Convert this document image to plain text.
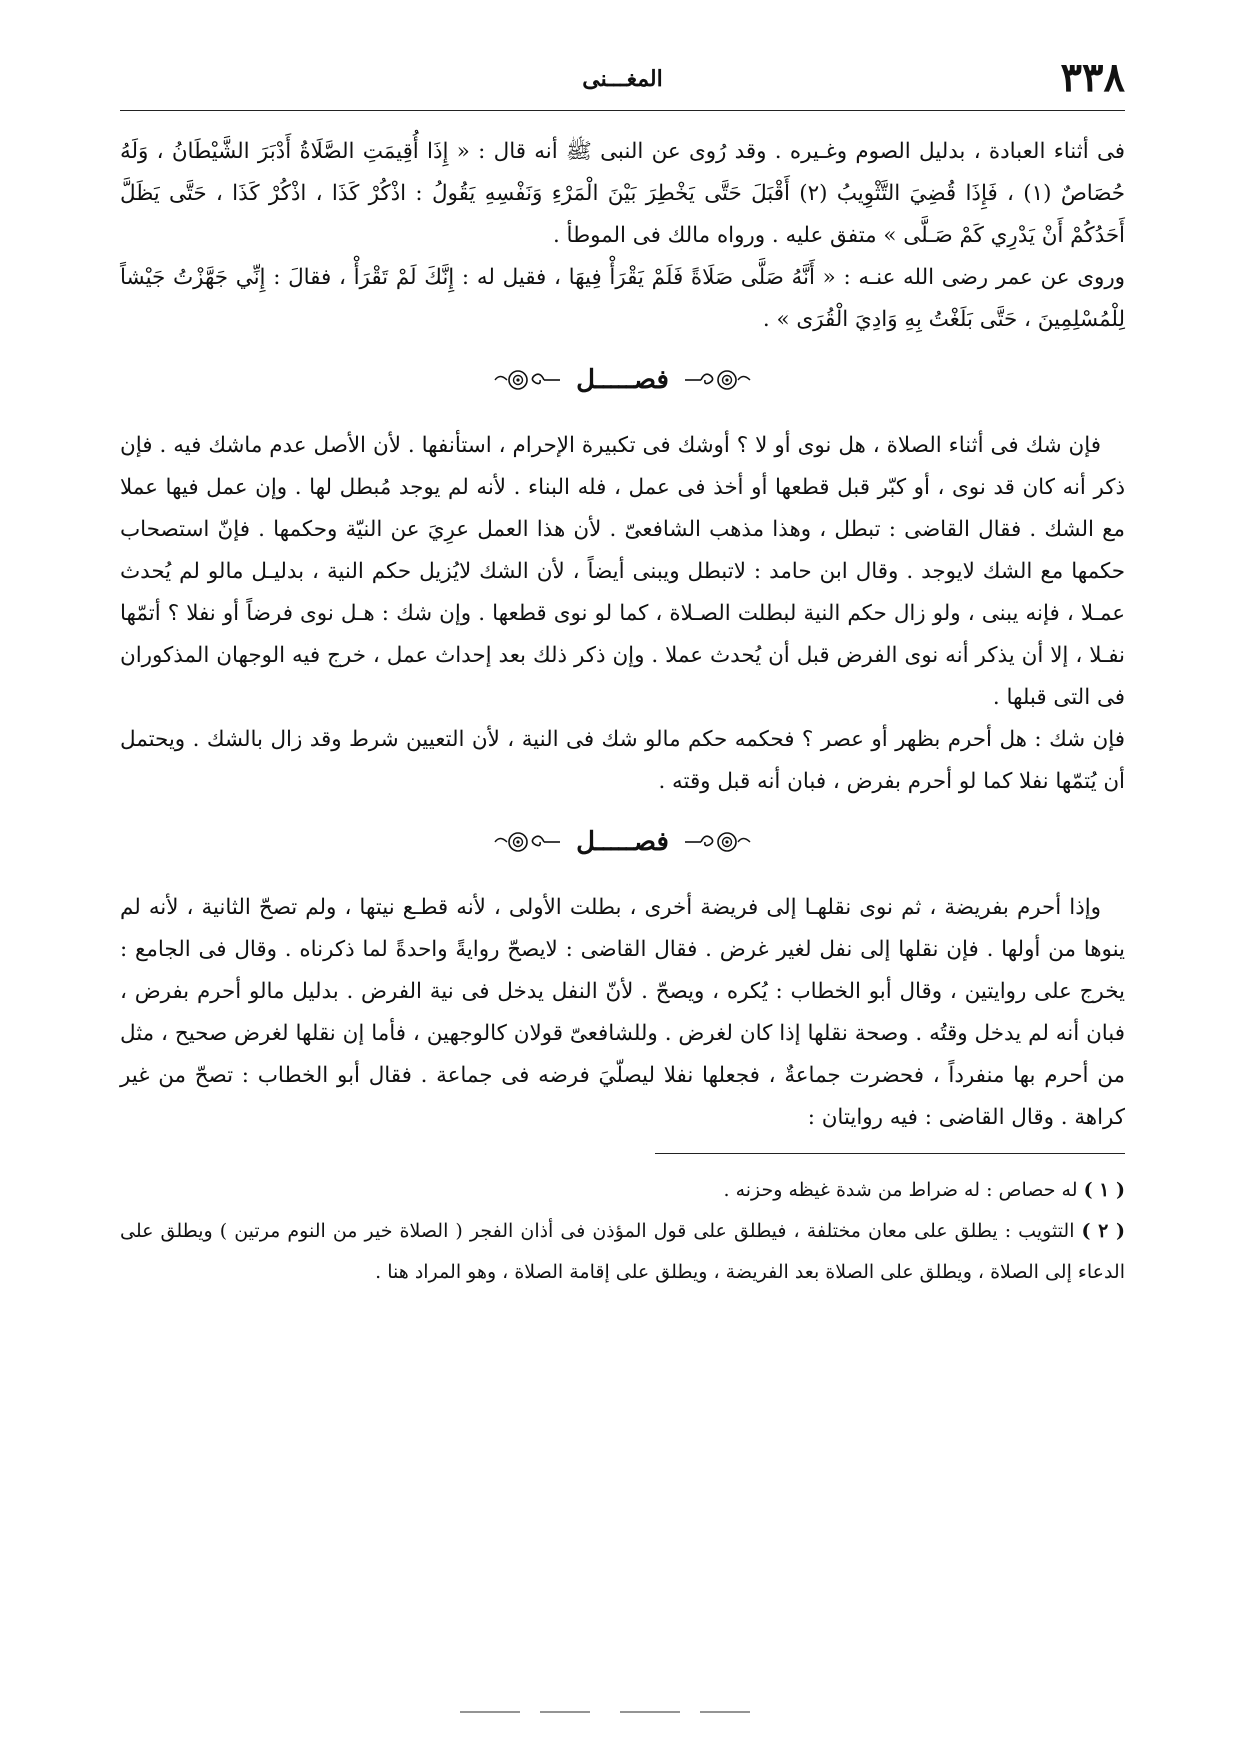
٣٣٨
المغـــنى

فى أثناء العبادة ، بدليل الصوم وغـيره . وقد رُوى عن النبى ﷺ أنه قال : « إِذَا أُقِيمَتِ الصَّلَاةُ أَدْبَرَ الشَّيْطَانُ ، وَلَهُ حُصَاصٌ (١) ، فَإِذَا قُضِيَ التَّثْوِيبُ (٢) أَقْبَلَ حَتَّى يَخْطِرَ بَيْنَ الْمَرْءِ وَنَفْسِهِ يَقُولُ : اذْكُرْ كَذَا ، اذْكُرْ كَذَا ، حَتَّى يَظَلَّ أَحَدُكُمْ أَنْ يَدْرِي كَمْ صَـلَّى » متفق عليه . ورواه مالك فى الموطأ .

وروى عن عمر رضى الله عنـه : « أَنَّهُ صَلَّى صَلَاةً فَلَمْ يَقْرَأْ فِيهَا ، فقيل له : إِنَّكَ لَمْ تَقْرَأْ ، فقالَ : إِنِّي جَهَّزْتُ جَيْشاً لِلْمُسْلِمِينَ ، حَتَّى بَلَغْتُ بِهِ وَادِيَ الْقُرَى » .

فصـــــل

فإن شك فى أثناء الصلاة ، هل نوى أو لا ؟ أوشك فى تكبيرة الإحرام ، استأنفها . لأن الأصل عدم ماشك فيه . فإن ذكر أنه كان قد نوى ، أو كبّر قبل قطعها أو أخذ فى عمل ، فله البناء . لأنه لم يوجد مُبطل لها . وإن عمل فيها عملا مع الشك . فقال القاضى : تبطل ، وهذا مذهب الشافعىّ . لأن هذا العمل عرِيَ عن النيّة وحكمها . فإنّ استصحاب حكمها مع الشك لايوجد . وقال ابن حامد : لاتبطل ويبنى أيضاً ، لأن الشك لايُزيل حكم النية ، بدليـل مالو لم يُحدث عمـلا ، فإنه يبنى ، ولو زال حكم النية لبطلت الصـلاة ، كما لو نوى قطعها . وإن شك : هـل نوى فرضاً أو نفلا ؟ أتمّها نفـلا ، إلا أن يذكر أنه نوى الفرض قبل أن يُحدث عملا . وإن ذكر ذلك بعد إحداث عمل ، خرج فيه الوجهان المذكوران فى التى قبلها .

فإن شك : هل أحرم بظهر أو عصر ؟ فحكمه حكم مالو شك فى النية ، لأن التعيين شرط وقد زال بالشك . ويحتمل أن يُتمّها نفلا كما لو أحرم بفرض ، فبان أنه قبل وقته .

فصـــــل

وإذا أحرم بفريضة ، ثم نوى نقلهـا إلى فريضة أخرى ، بطلت الأولى ، لأنه قطـع نيتها ، ولم تصحّ الثانية ، لأنه لم ينوها من أولها . فإن نقلها إلى نفل لغير غرض . فقال القاضى : لايصحّ روايةً واحدةً لما ذكرناه . وقال فى الجامع : يخرج على روايتين ، وقال أبو الخطاب : يُكره ، ويصحّ . لأنّ النفل يدخل فى نية الفرض . بدليل مالو أحرم بفرض ، فبان أنه لم يدخل وقتُه . وصحة نقلها إذا كان لغرض . وللشافعىّ قولان كالوجهين ، فأما إن نقلها لغرض صحيح ، مثل من أحرم بها منفرداً ، فحضرت جماعةٌ ، فجعلها نفلا ليصلّيَ فرضه فى جماعة . فقال أبو الخطاب : تصحّ من غير كراهة . وقال القاضى : فيه روايتان :

( ١ ) له حصاص : له ضراط من شدة غيظه وحزنه .

( ٢ ) التثويب : يطلق على معان مختلفة ، فيطلق على قول المؤذن فى أذان الفجر ( الصلاة خير من النوم مرتين ) ويطلق على الدعاء إلى الصلاة ، ويطلق على الصلاة بعد الفريضة ، ويطلق على إقامة الصلاة ، وهو المراد هنا .
